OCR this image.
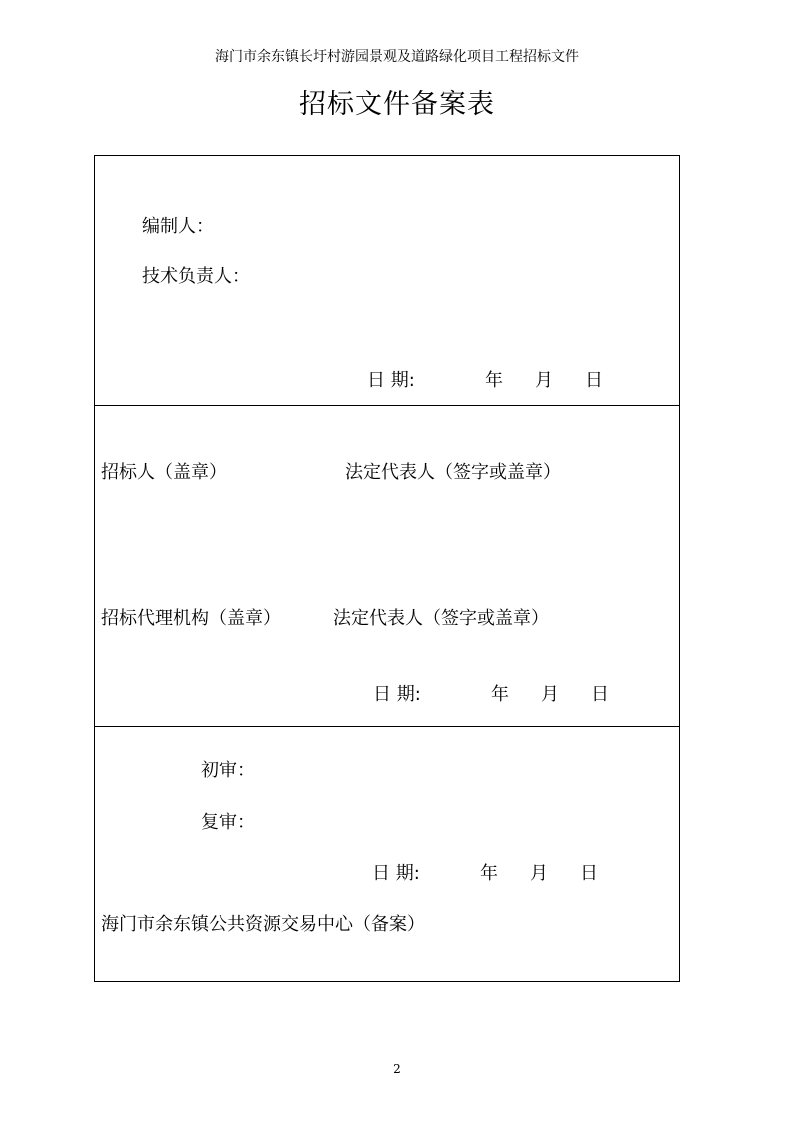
海门市余东镇长圩村游园景观及道路绿化项目工程招标文件
招标文件备案表
编制人：
技术负责人：
日 期:	年 月 日
招标人（盖章）	法定代表人（签字或盖章）
招标代理机构（盖章）	法定代表人（签字或盖章）
日 期:	年 月 日
初审：
复审：
日 期:	年 月 日
海门市余东镇公共资源交易中心（备案）
2
